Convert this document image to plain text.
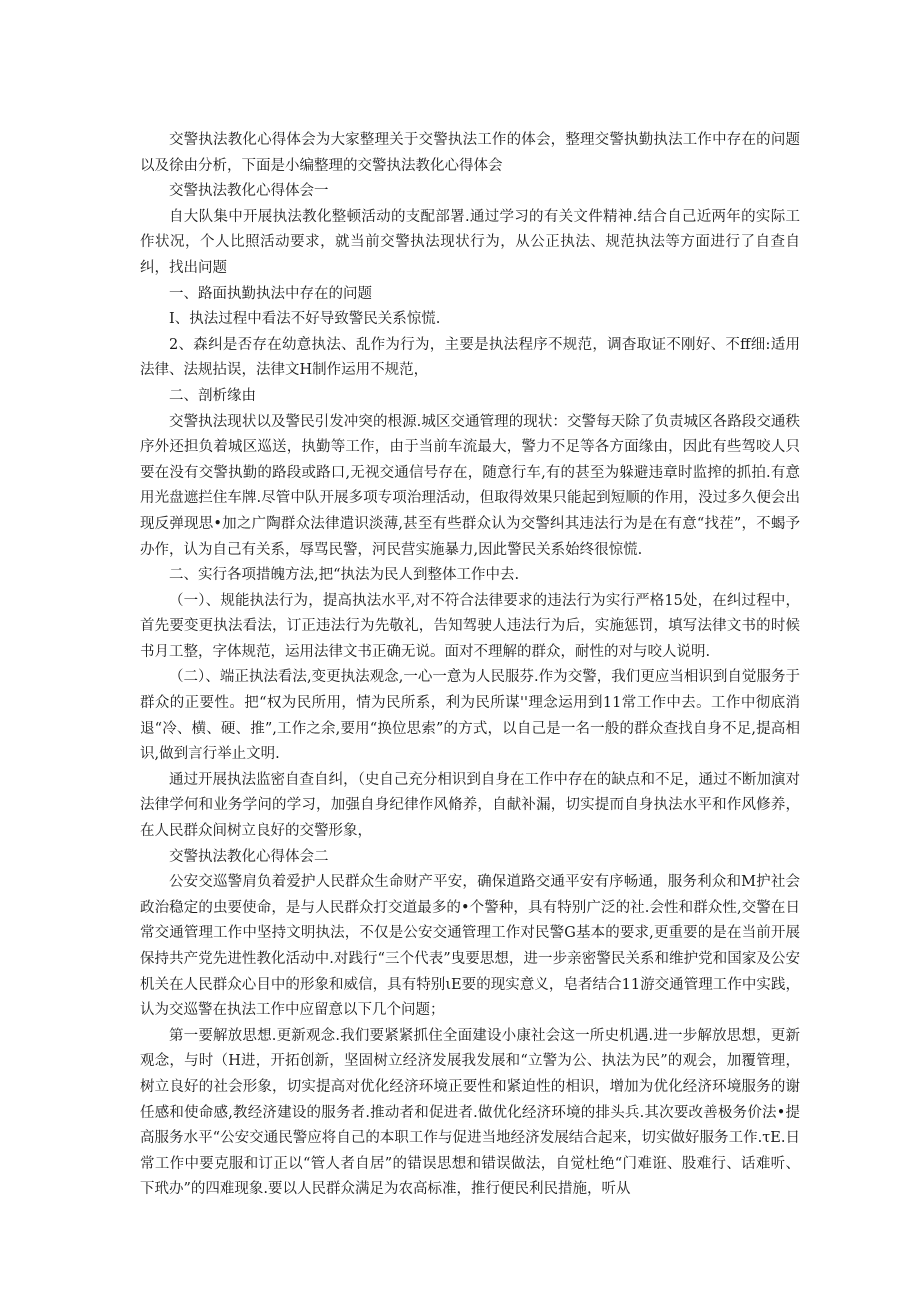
交警执法教化心得体会为大家整理关于交警执法工作的体会，整理交警执勤执法工作中存在的问题以及徐由分析，下面是小编整理的交警执法教化心得体会

交警执法教化心得体会一

自大队集中开展执法教化整顿活动的支配部署.通过学习的有关文件精神.结合自己近两年的实际工作状况，个人比照活动要求，就当前交警执法现状行为，从公正执法、规范执法等方面进行了自查自纠，找出问题

一、路面执勤执法中存在的问题

I、执法过程中看法不好导致警民关系惊慌.

2、森纠是否存在幼意执法、乱作为行为，主要是执法程序不规范，调杳取证不刚好、不ff细:适用法律、法规拈误，法律文H制作运用不规范，

二、剖析缘由

交警执法现状以及警民引发冲突的根源.城区交通管理的现状：交警每天除了负责城区各路段交通秩序外还担负着城区巡送，执勤等工作，由于当前车流最大，警力不足等各方面缘由，因此有些驾咬人只要在没有交警执勤的路段或路口,无视交通信号存在，随意行车,有的甚至为躲避违章时监搾的抓拍.有意用光盘遮拦住车牌.尽管中队开展多项专项治理活动，但取得效果只能起到短顺的作用，没过多久便会出现反弹现思•加之广陶群众法律遣识淡薄,甚至有些群众认为交警纠其违法行为是在有意“找茬”，不蝎予办作，认为自己有关系，辱骂民警，河民营实施暴力,因此警民关系始终很惊慌.

二、实行各项措魄方法,把“执法为民人到整体工作中去.

（一）、规能执法行为，提高执法水平,对不符合法律要求的违法行为实行严格15处，在纠过程中，首先要变更执法看法，订正违法行为先敬礼，告知驾驶人违法行为后，实施惩罚，填写法律文书的时候书月工整，字体规范，运用法律文书正确无说。面对不理解的群众，耐性的对与咬人说明.

（二）、端正执法看法,变更执法观念,一心一意为人民服芬.作为交警，我们更应当相识到自觉服务于群众的正要性。把“权为民所用，情为民所系，利为民所谋''理念运用到11常工作中去。工作中彻底消退“冷、横、硬、推”,工作之余,要用“换位思索”的方式，以自己是一名一般的群众查找自身不足,提高相识,做到言行举止文明.

通过开展执法监密自查自纠，（史自己充分相识到自身在工作中存在的缺点和不足，通过不断加演对法律学何和业务学问的学习，加强自身纪律作风脩养，自献补漏，切实提而自身执法水平和作风修养，在人民群众间树立良好的交警形象，

交警执法教化心得体会二

公安交巡警肩负着爱护人民群众生命财产平安，确保道路交通平安有序畅通，服务利众和M护社会政治稳定的虫要使命，是与人民群众打交道最多的•个警种，具有特别广泛的社.会性和群众性,交警在日常交通管理工作中坚持文明执法，不仅是公安交通管理工作对民警G基本的要求,更重要的是在当前开展保持共产党先进性教化活动中.对践行“三个代表”曳要思想，进一步亲密警民关系和维护党和国家及公安机关在人民群众心目中的形象和威信，具有特别ιE要的现实意义，皂者结合11游交通管理工作中实践，认为交巡警在执法工作中应留意以下几个问题；

第一要解放思想.更新观念.我们要紧紧抓住全面建设小康社会这一所史机遇.进一步解放思想，更新观念，与时（H进，开拓创新，坚固树立经济发展我发展和“立警为公、执法为民”的观会，加覆管理，树立良好的社会形象，切实提高对优化经济环境正要性和紧迫性的相识，增加为优化经济环境服务的谢任感和使命感,教经济建设的服务者.推动者和促进者.做优化经济环境的排头兵.其次要改善极务价法•提高服务水平“公安交通民警应将自己的本职工作与促进当地经济发展结合起来，切实做好服务工作.τE.日常工作中要克服和订正以“管人者自居”的错误思想和错误做法，自觉杜绝“门难诳、股难行、话难听、下玳办”的四难现象.要以人民群众满足为农高标准，推行便民利民措施，听从
